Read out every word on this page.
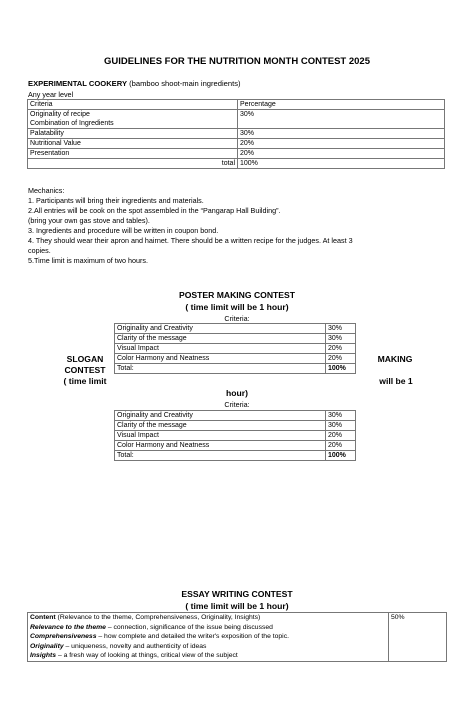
GUIDELINES FOR THE NUTRITION MONTH CONTEST 2025
EXPERIMENTAL COOKERY (bamboo shoot-main ingredients)
Any year level
Criteria	Percentage

Originality of recipe
Combination of Ingredients	30%
Palatability	30%
Nutritional Value	20%
Presentation	20%
total	100%
Mechanics:
1. Participants will bring their ingredients and materials.
2.All entries will be cook on the spot assembled in the “Pangarap Hall Building”.
(bring your own gas stove and tables).
3. Ingredients and procedure will be written in coupon bond.
4. They should wear their apron and hairnet. There should be a written recipe for the judges. At least 3
copies.
5.Time limit is maximum of two hours.
POSTER MAKING CONTEST
( time limit will be 1 hour)
Criteria:
Originality and Creativity	30%
Clarity of the message	30%
Visual Impact	20%
Color Harmony and Neatness	20%
Total:	100%
SLOGAN
CONTEST
( time limit
MAKING
will be 1
hour)
Criteria:
Originality and Creativity	30%
Clarity of the message	30%
Visual Impact	20%
Color Harmony and Neatness	20%
Total:	100%
ESSAY WRITING CONTEST
( time limit will be 1 hour)
Content (Relevance to the theme, Comprehensiveness, Originality, Insights)
Relevance to the theme – connection, significance of the issue being discussed
Comprehensiveness – how complete and detailed the writer's exposition of the topic.
Originality – uniqueness, novelty and authenticity of ideas
Insights – a fresh way of looking at things, critical view of the subject
	50%
